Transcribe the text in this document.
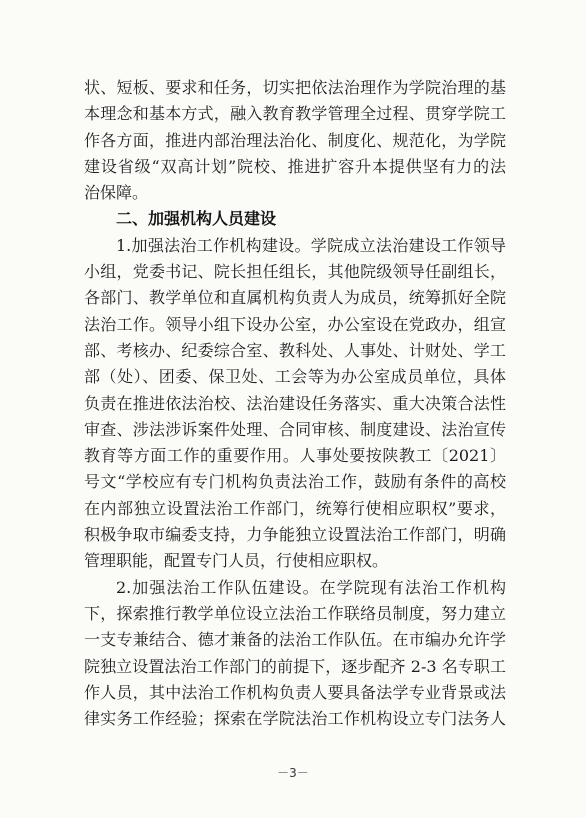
状、短板、要求和任务，切实把依法治理作为学院治理的基
本理念和基本方式，融入教育教学管理全过程、贯穿学院工
作各方面，推进内部治理法治化、制度化、规范化，为学院
建设省级“双高计划”院校、推进扩容升本提供坚有力的法
治保障。
二、加强机构人员建设
1.加强法治工作机构建设。学院成立法治建设工作领导
小组，党委书记、院长担任组长，其他院级领导任副组长，
各部门、教学单位和直属机构负责人为成员，统筹抓好全院
法治工作。领导小组下设办公室，办公室设在党政办，组宣
部、考核办、纪委综合室、教科处、人事处、计财处、学工
部（处）、团委、保卫处、工会等为办公室成员单位，具体
负责在推进依法治校、法治建设任务落实、重大决策合法性
审查、涉法涉诉案件处理、合同审核、制度建设、法治宣传
教育等方面工作的重要作用。人事处要按陕教工〔2021〕
号文“学校应有专门机构负责法治工作，鼓励有条件的高校
在内部独立设置法治工作部门，统筹行使相应职权”要求，
积极争取市编委支持，力争能独立设置法治工作部门，明确
管理职能，配置专门人员，行使相应职权。
2.加强法治工作队伍建设。在学院现有法治工作机构
下，探索推行教学单位设立法治工作联络员制度，努力建立
一支专兼结合、德才兼备的法治工作队伍。在市编办允许学
院独立设置法治工作部门的前提下，逐步配齐 2-3 名专职工
作人员，其中法治工作机构负责人要具备法学专业背景或法
律实务工作经验；探索在学院法治工作机构设立专门法务人
－3－
